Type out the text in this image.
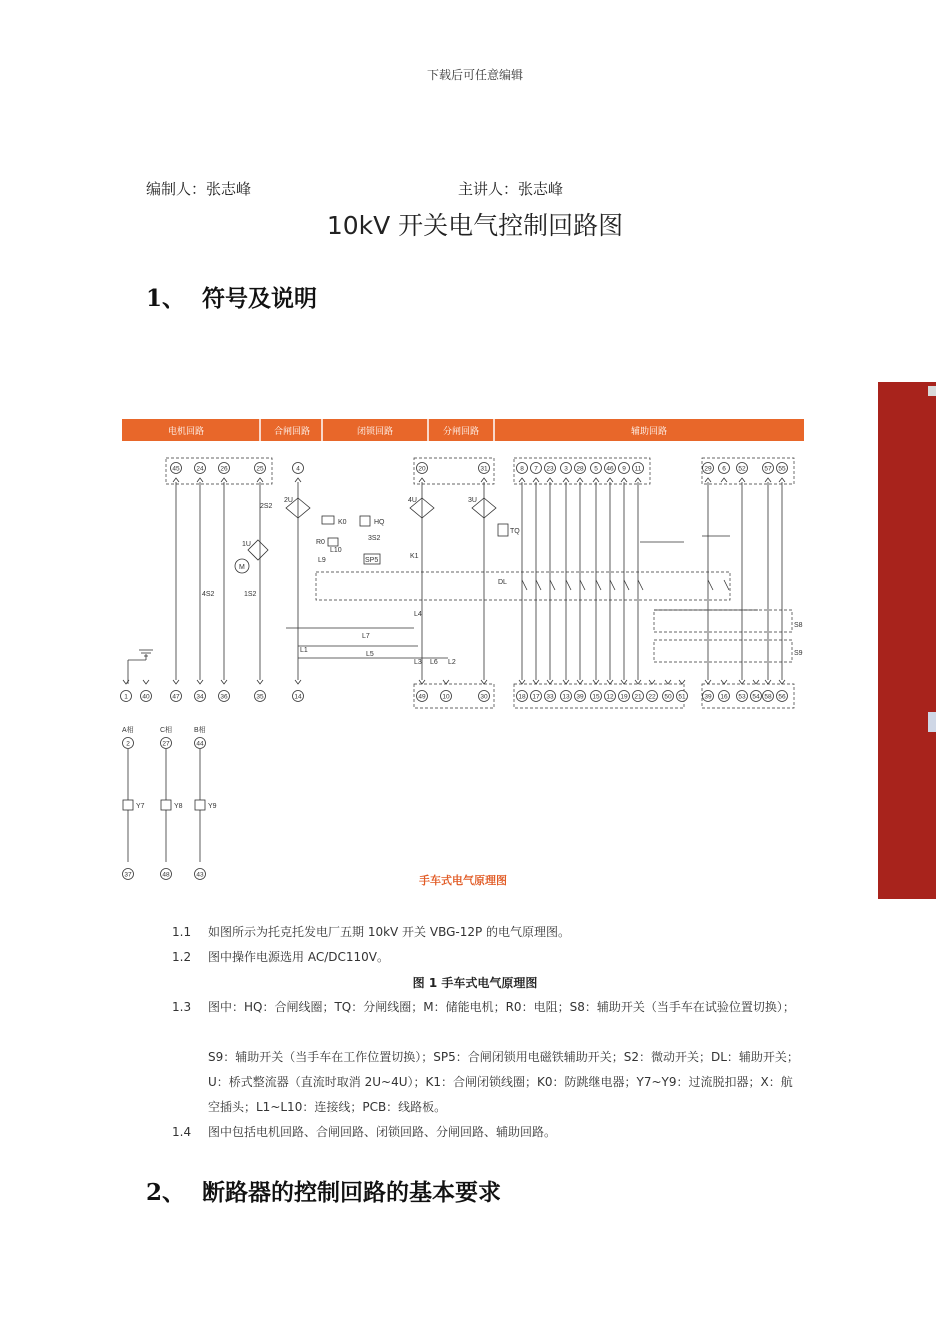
下载后可任意编辑
编制人：张志峰	主讲人：张志峰
10kV 开关电气控制回路图
1、 符号及说明
电机回路	合闸回路	闭锁回路	分闸回路	辅助回路
45	24	26	25	4	20	31	8 7 23 3 28 5 46 9 11	29 6 52	57 55
1 40	47	34	36	35	14	49	10	30	18 17 33 13 39 15 12 19 21 22 50 51	39 16 53 54 58 56
2U	4U	3U
TQ
1U
M
2S2
HQ
K0
R0
L10
3S2
L9	SP5
K1
DL
S8
S9
L7
L5
L1
L4
L3 L6 L2
4S2	1S2
A相
2
Y7
37
C相
27
Y8
48
B相
44
Y9
43	手车式电气原理图
1.1 如图所示为托克托发电厂五期 10kV 开关 VBG-12P 的电气原理图。
1.2 图中操作电源选用 AC/DC110V。
图 1 手车式电气原理图
1.3 图中：HQ：合闸线圈；TQ：分闸线圈；M：储能电机；R0：电阻；S8：辅助开关（当手车在试验位置切换）；
S9：辅助开关（当手车在工作位置切换）；SP5：合闸闭锁用电磁铁辅助开关；S2：微动开关；DL：辅助开关；U：桥式整流器（直流时取消 2U~4U）；K1：合闸闭锁线圈；K0：防跳继电器；Y7~Y9：过流脱扣器；X：航空插头；L1~L10：连接线；PCB：线路板。
1.4 图中包括电机回路、合闸回路、闭锁回路、分闸回路、辅助回路。
2、 断路器的控制回路的基本要求
